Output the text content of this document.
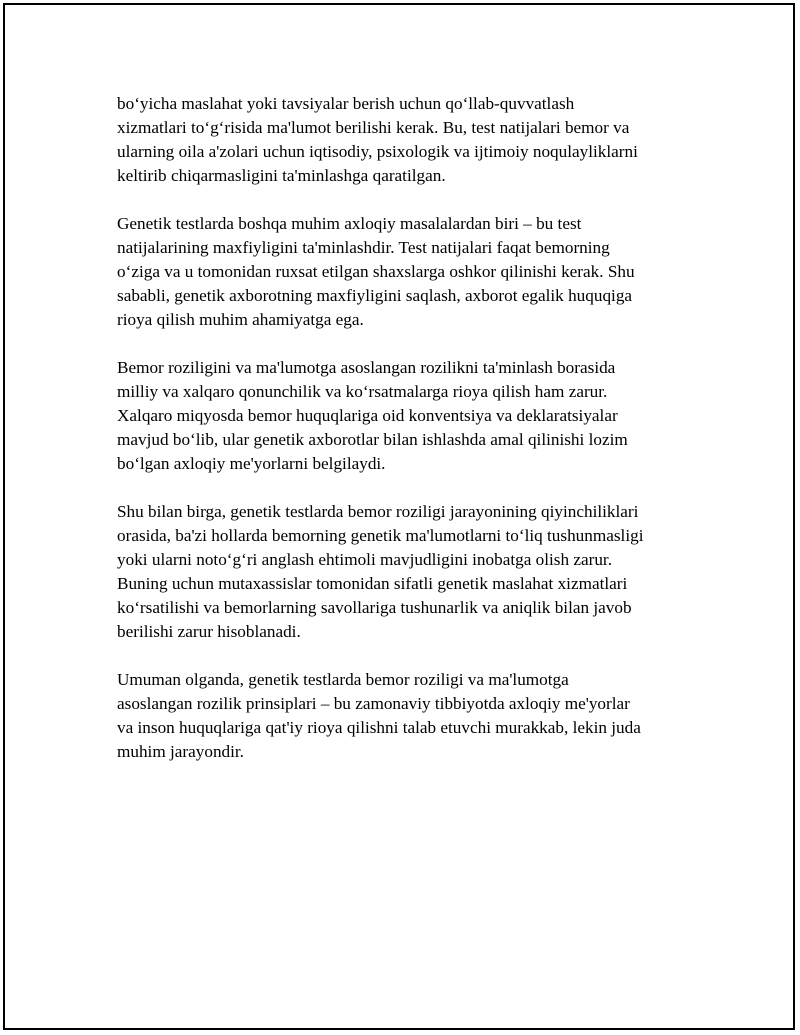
bo‘yicha maslahat yoki tavsiyalar berish uchun qo‘llab-quvvatlash
xizmatlari to‘g‘risida ma'lumot berilishi kerak. Bu, test natijalari bemor va
ularning oila a'zolari uchun iqtisodiy, psixologik va ijtimoiy noqulayliklarni
keltirib chiqarmasligini ta'minlashga qaratilgan.

Genetik testlarda boshqa muhim axloqiy masalalardan biri – bu test
natijalarining maxfiyligini ta'minlashdir. Test natijalari faqat bemorning
o‘ziga va u tomonidan ruxsat etilgan shaxslarga oshkor qilinishi kerak. Shu
sababli, genetik axborotning maxfiyligini saqlash, axborot egalik huquqiga
rioya qilish muhim ahamiyatga ega.

Bemor roziligini va ma'lumotga asoslangan rozilikni ta'minlash borasida
milliy va xalqaro qonunchilik va ko‘rsatmalarga rioya qilish ham zarur.
Xalqaro miqyosda bemor huquqlariga oid konventsiya va deklaratsiyalar
mavjud bo‘lib, ular genetik axborotlar bilan ishlashda amal qilinishi lozim
bo‘lgan axloqiy me'yorlarni belgilaydi.

Shu bilan birga, genetik testlarda bemor roziligi jarayonining qiyinchiliklari
orasida, ba'zi hollarda bemorning genetik ma'lumotlarni to‘liq tushunmasligi
yoki ularni noto‘g‘ri anglash ehtimoli mavjudligini inobatga olish zarur.
Buning uchun mutaxassislar tomonidan sifatli genetik maslahat xizmatlari
ko‘rsatilishi va bemorlarning savollariga tushunarlik va aniqlik bilan javob
berilishi zarur hisoblanadi.

Umuman olganda, genetik testlarda bemor roziligi va ma'lumotga
asoslangan rozilik prinsiplari – bu zamonaviy tibbiyotda axloqiy me'yorlar
va inson huquqlariga qat'iy rioya qilishni talab etuvchi murakkab, lekin juda
muhim jarayondir.
